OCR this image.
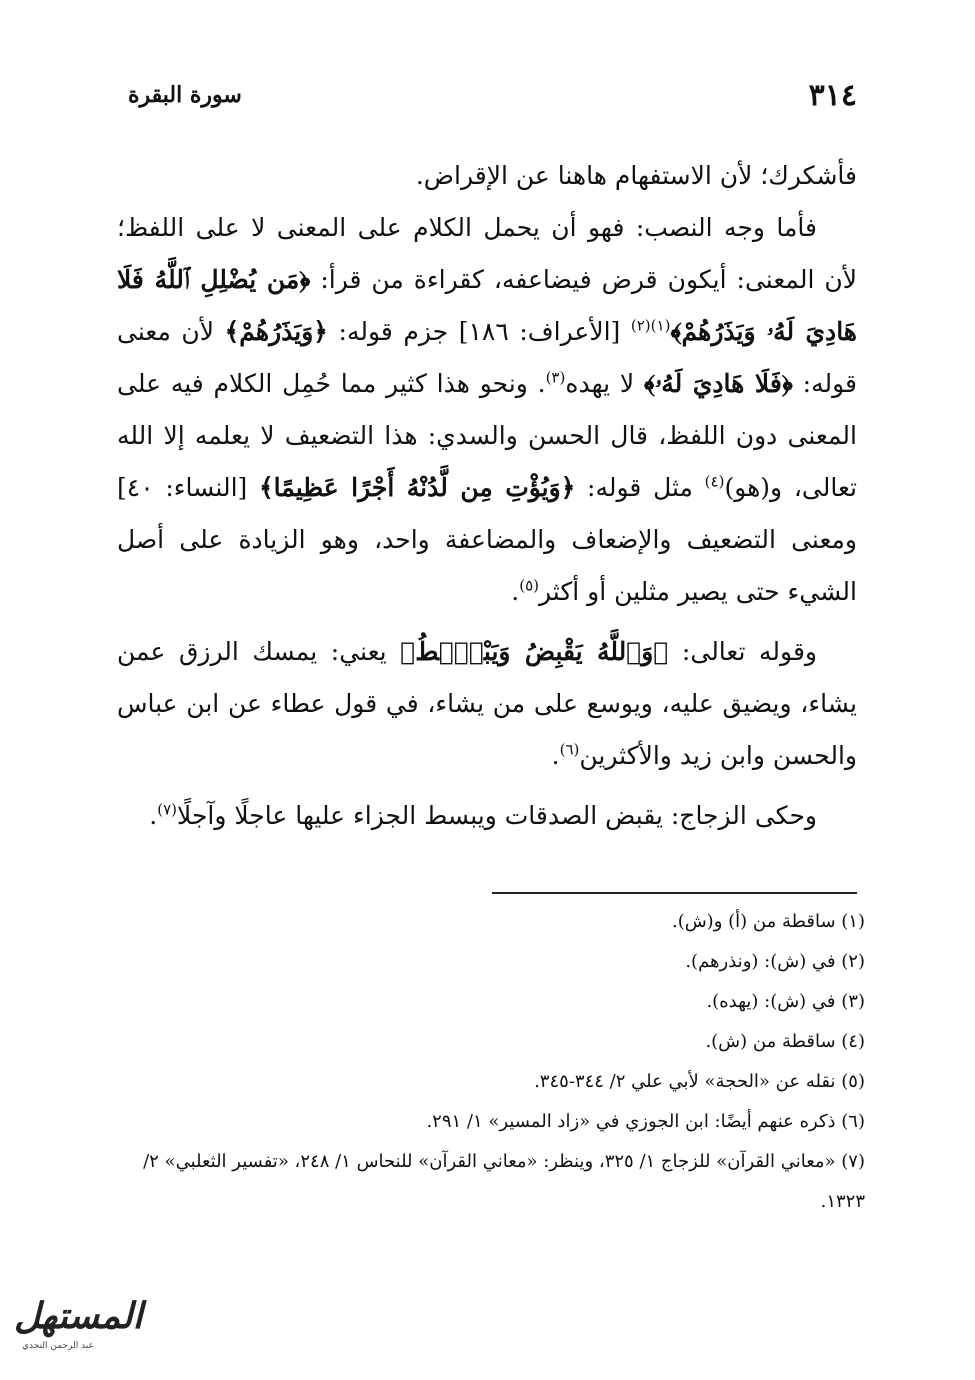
٣١٤
سورة البقرة

فأشكرك؛ لأن الاستفهام هاهنا عن الإقراض.

فأما وجه النصب: فهو أن يحمل الكلام على المعنى لا على اللفظ؛ لأن المعنى: أيكون قرض فيضاعفه، كقراءة من قرأ: ﴿مَن يُضْلِلِ ٱللَّهُ فَلَا هَادِيَ لَهُۥ وَيَذَرُهُمْ﴾$^{(١)(٢)}$ [الأعراف: ١٨٦] جزم قوله: ﴿وَيَذَرُهُمْ﴾ لأن معنى قوله: ﴿فَلَا هَادِيَ لَهُۥ﴾ لا يهده$^{(٣)}$. ونحو هذا كثير مما حُمِل الكلام فيه على المعنى دون اللفظ، قال الحسن والسدي: هذا التضعيف لا يعلمه إلا الله تعالى، و(هو)$^{(٤)}$ مثل قوله: ﴿وَيُؤْتِ مِن لَّدُنْهُ أَجْرًا عَظِيمًا﴾ [النساء: ٤٠] ومعنى التضعيف والإضعاف والمضاعفة واحد، وهو الزيادة على أصل الشيء حتى يصير مثلين أو أكثر$^{(٥)}$.

وقوله تعالى: ﴿وَٱللَّهُ يَقْبِضُ وَيَبْصُۜطُ﴾ يعني: يمسك الرزق عمن يشاء، ويضيق عليه، ويوسع على من يشاء، في قول عطاء عن ابن عباس والحسن وابن زيد والأكثرين$^{(٦)}$.

وحكى الزجاج: يقبض الصدقات ويبسط الجزاء عليها عاجلًا وآجلًا$^{(٧)}$.

(١) ساقطة من (أ) و(ش).

(٢) في (ش): (ونذرهم).

(٣) في (ش): (يهده).

(٤) ساقطة من (ش).

(٥) نقله عن «الحجة» لأبي علي ٢/ ٣٤٤-٣٤٥.

(٦) ذكره عنهم أيضًا: ابن الجوزي في «زاد المسير» ١/ ٢٩١.

(٧) «معاني القرآن» للزجاج ١/ ٣٢٥، وينظر: «معاني القرآن» للنحاس ١/ ٢٤٨، «تفسير الثعلبي» ٢/ ١٣٢٣.

المستهل
عبد الرحمن النجدي
